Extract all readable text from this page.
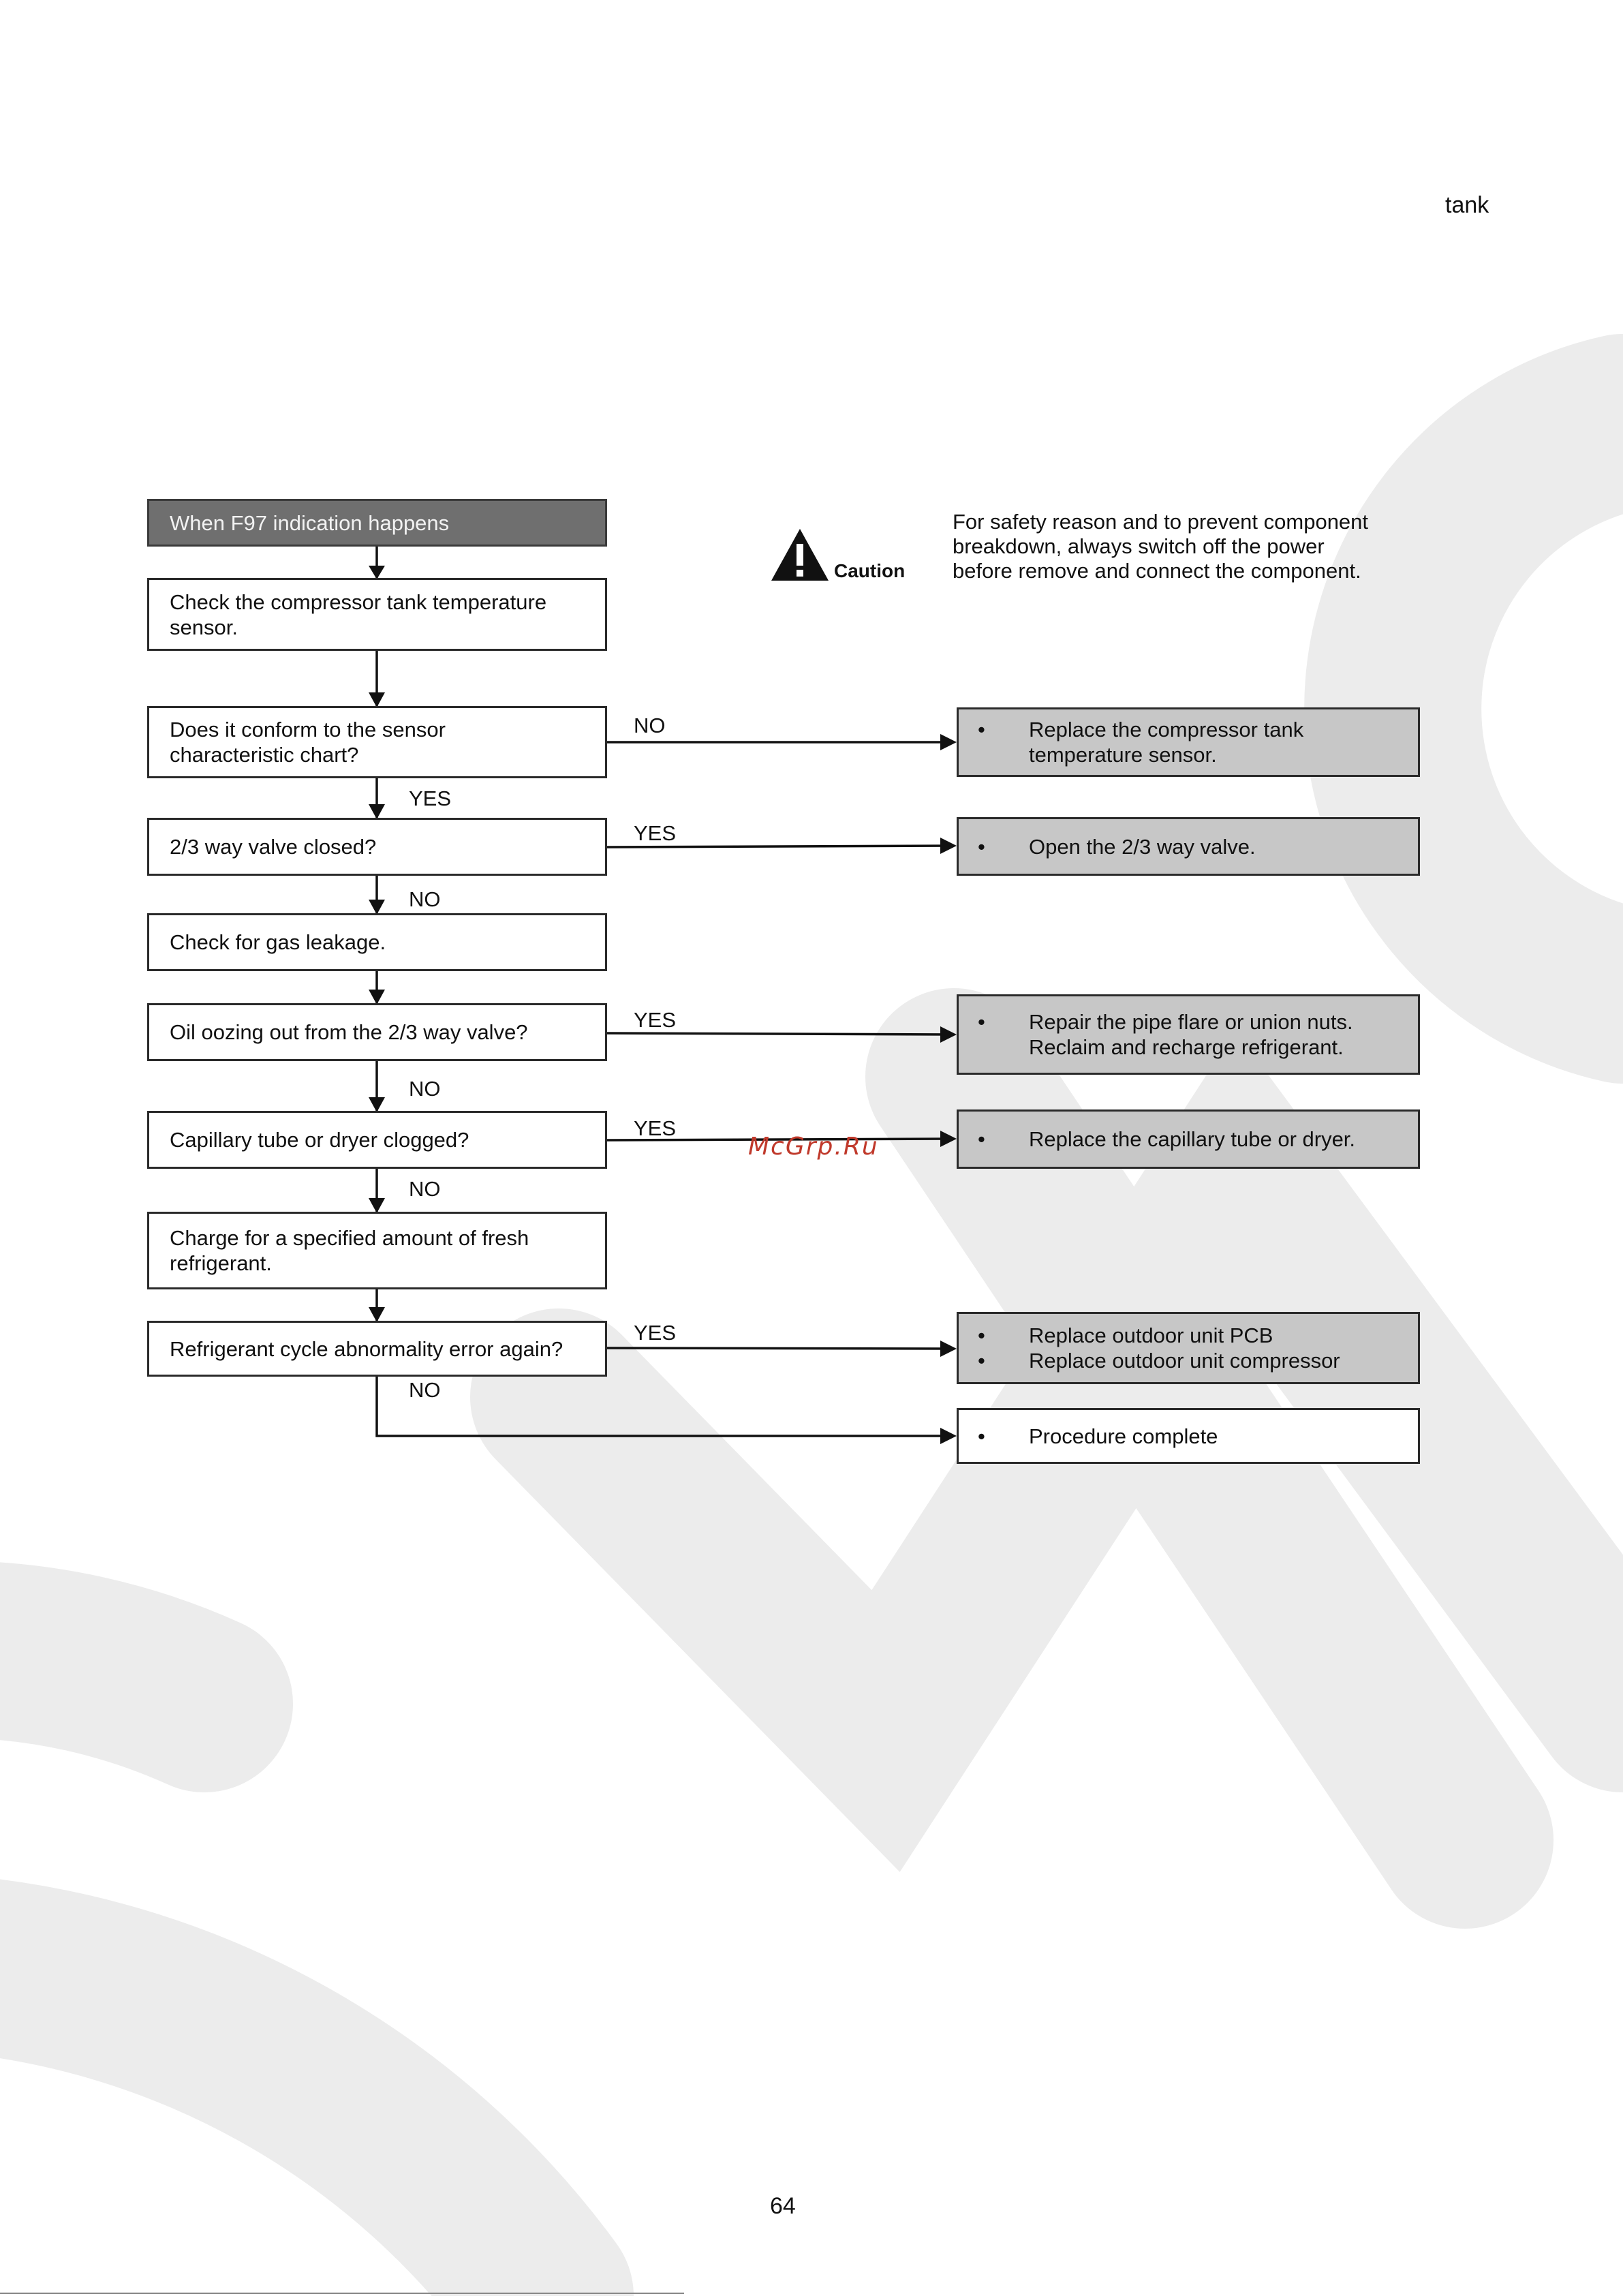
tank
Caution
For safety reason and to prevent component
breakdown, always switch off the power
before remove and connect the component.
When F97 indication happens
Check the compressor tank temperature
sensor.
Does it conform to the sensor
characteristic chart?
2/3 way valve closed?
Check for gas leakage.
Oil oozing out from the 2/3 way valve?
Capillary tube or dryer clogged?
Charge for a specified amount of fresh
refrigerant.
Refrigerant cycle abnormality error again?
YES
NO
NO
NO
NO
NO
YES
YES
YES
YES
•	Replace the compressor tank
temperature sensor.
•	Open the 2/3 way valve.
•	Repair the pipe flare or union nuts.
Reclaim and recharge refrigerant.
•	Replace the capillary tube or dryer.
•	Replace outdoor unit PCB
•	Replace outdoor unit compressor
•	Procedure complete
McGrp.Ru
64
